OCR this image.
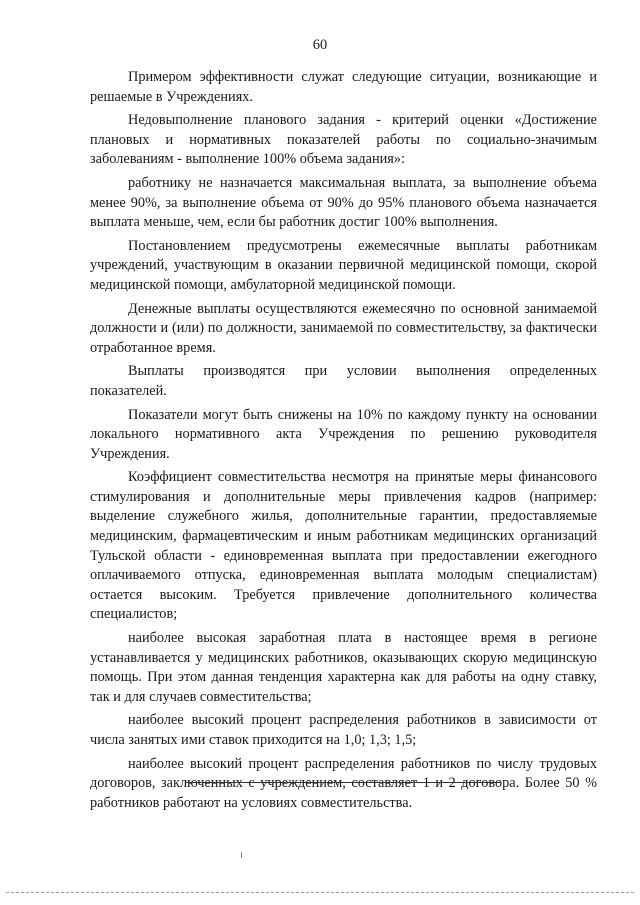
60

Примером эффективности служат следующие ситуации, возникающие и решаемые в Учреждениях.

Недовыполнение планового задания - критерий оценки «Достижение плановых и нормативных показателей работы по социально-значимым заболеваниям - выполнение 100% объема задания»:

работнику не назначается максимальная выплата, за выполнение объема менее 90%, за выполнение объема от 90% до 95% планового объема назначается выплата меньше, чем, если бы работник достиг 100% выполнения.

Постановлением предусмотрены ежемесячные выплаты работникам учреждений, участвующим в оказании первичной медицинской помощи, скорой медицинской помощи, амбулаторной медицинской помощи.

Денежные выплаты осуществляются ежемесячно по основной занимаемой должности и (или) по должности, занимаемой по совместительству, за фактически отработанное время.

Выплаты производятся при условии выполнения определенных показателей.

Показатели могут быть снижены на 10% по каждому пункту на основании локального нормативного акта Учреждения по решению руководителя Учреждения.

Коэффициент совместительства несмотря на принятые меры финансового стимулирования и дополнительные меры привлечения кадров (например: выделение служебного жилья, дополнительные гарантии, предоставляемые медицинским, фармацевтическим и иным работникам медицинских организаций Тульской области - единовременная выплата при предоставлении ежегодного оплачиваемого отпуска, единовременная выплата молодым специалистам) остается высоким. Требуется привлечение дополнительного количества специалистов;

наиболее высокая заработная плата в настоящее время в регионе устанавливается у медицинских работников, оказывающих скорую медицинскую помощь. При этом данная тенденция характерна как для работы на одну ставку, так и для случаев совместительства;

наиболее высокий процент распределения работников в зависимости от числа занятых ими ставок приходится на 1,0; 1,3; 1,5;

наиболее высокий процент распределения работников по числу трудовых договоров, заключенных с учреждением, составляет 1 и 2 договора. Более 50 % работников работают на условиях совместительства.
